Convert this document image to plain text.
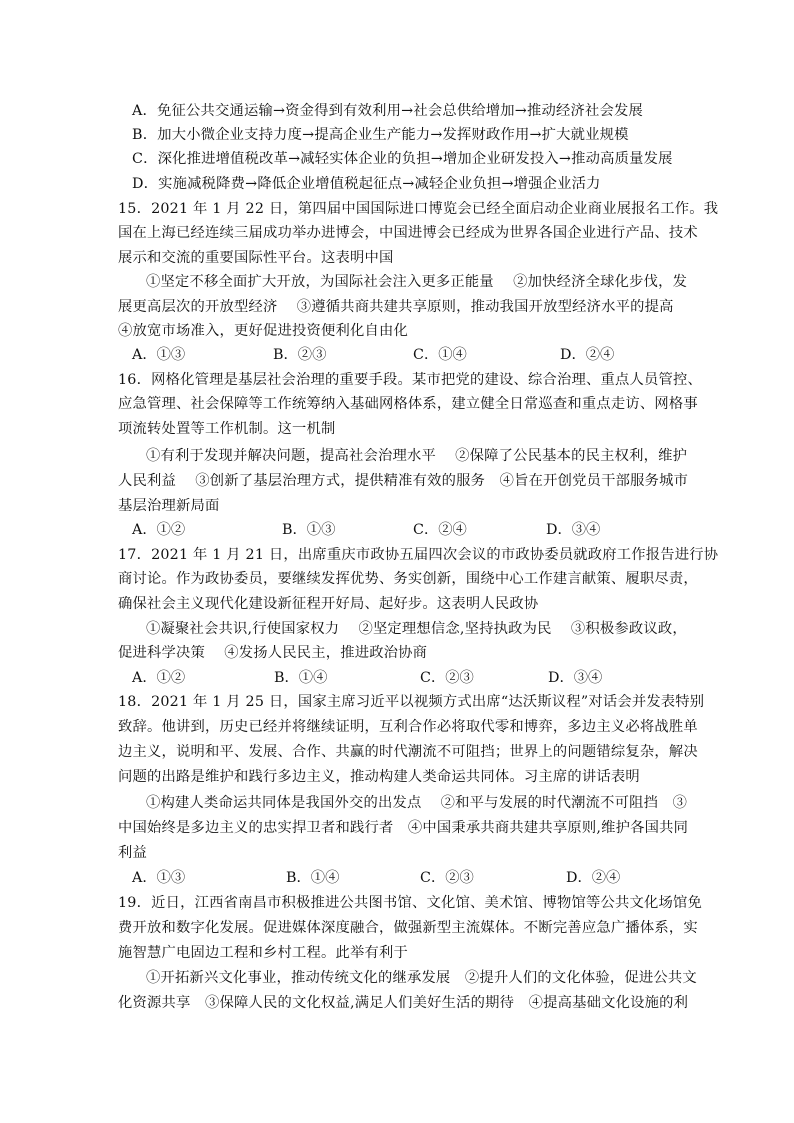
A．免征公共交通运输→资金得到有效利用→社会总供给增加→推动经济社会发展
B．加大小微企业支持力度→提高企业生产能力→发挥财政作用→扩大就业规模
C．深化推进增值税改革→减轻实体企业的负担→增加企业研发投入→推动高质量发展
D．实施减税降费→降低企业增值税起征点→减轻企业负担→增强企业活力
15．2021 年 1 月 22 日，第四届中国国际进口博览会已经全面启动企业商业展报名工作。我
国在上海已经连续三届成功举办进博会，中国进博会已经成为世界各国企业进行产品、技术
展示和交流的重要国际性平台。这表明中国
①坚定不移全面扩大开放，为国际社会注入更多正能量　 ②加快经济全球化步伐，发
展更高层次的开放型经济　 ③遵循共商共建共享原则，推动我国开放型经济水平的提高
④放宽市场准入，更好促进投资便利化自由化
A．①③	B．②③	C．①④	D．②④
16．网格化管理是基层社会治理的重要手段。某市把党的建设、综合治理、重点人员管控、
应急管理、社会保障等工作统筹纳入基础网格体系，建立健全日常巡查和重点走访、网格事
项流转处置等工作机制。这一机制
①有利于发现并解决问题，提高社会治理水平　 ②保障了公民基本的民主权利，维护
人民利益　 ③创新了基层治理方式，提供精准有效的服务　④旨在开创党员干部服务城市
基层治理新局面
A．①②	B．①③	C．②④	D．③④
17．2021 年 1 月 21 日，出席重庆市政协五届四次会议的市政协委员就政府工作报告进行协
商讨论。作为政协委员，要继续发挥优势、务实创新，围绕中心工作建言献策、履职尽责，
确保社会主义现代化建设新征程开好局、起好步。这表明人民政协
①凝聚社会共识,行使国家权力　 ②坚定理想信念,坚持执政为民　 ③积极参政议政，
促进科学决策　 ④发扬人民民主，推进政治协商
A．①②	B．①④	C．②③	D．③④
18．2021 年 1 月 25 日，国家主席习近平以视频方式出席“达沃斯议程”对话会并发表特别
致辞。他讲到，历史已经并将继续证明，互利合作必将取代零和博弈，多边主义必将战胜单
边主义，说明和平、发展、合作、共赢的时代潮流不可阻挡；世界上的问题错综复杂，解决
问题的出路是维护和践行多边主义，推动构建人类命运共同体。习主席的讲话表明
①构建人类命运共同体是我国外交的出发点　 ②和平与发展的时代潮流不可阻挡　③
中国始终是多边主义的忠实捍卫者和践行者　④中国秉承共商共建共享原则,维护各国共同
利益
A．①③	B．①④	C．②③	D．②④
19．近日，江西省南昌市积极推进公共图书馆、文化馆、美术馆、博物馆等公共文化场馆免
费开放和数字化发展。促进媒体深度融合，做强新型主流媒体。不断完善应急广播体系，实
施智慧广电固边工程和乡村工程。此举有利于
①开拓新兴文化事业，推动传统文化的继承发展　②提升人们的文化体验，促进公共文
化资源共享　③保障人民的文化权益,满足人们美好生活的期待　④提高基础文化设施的利
